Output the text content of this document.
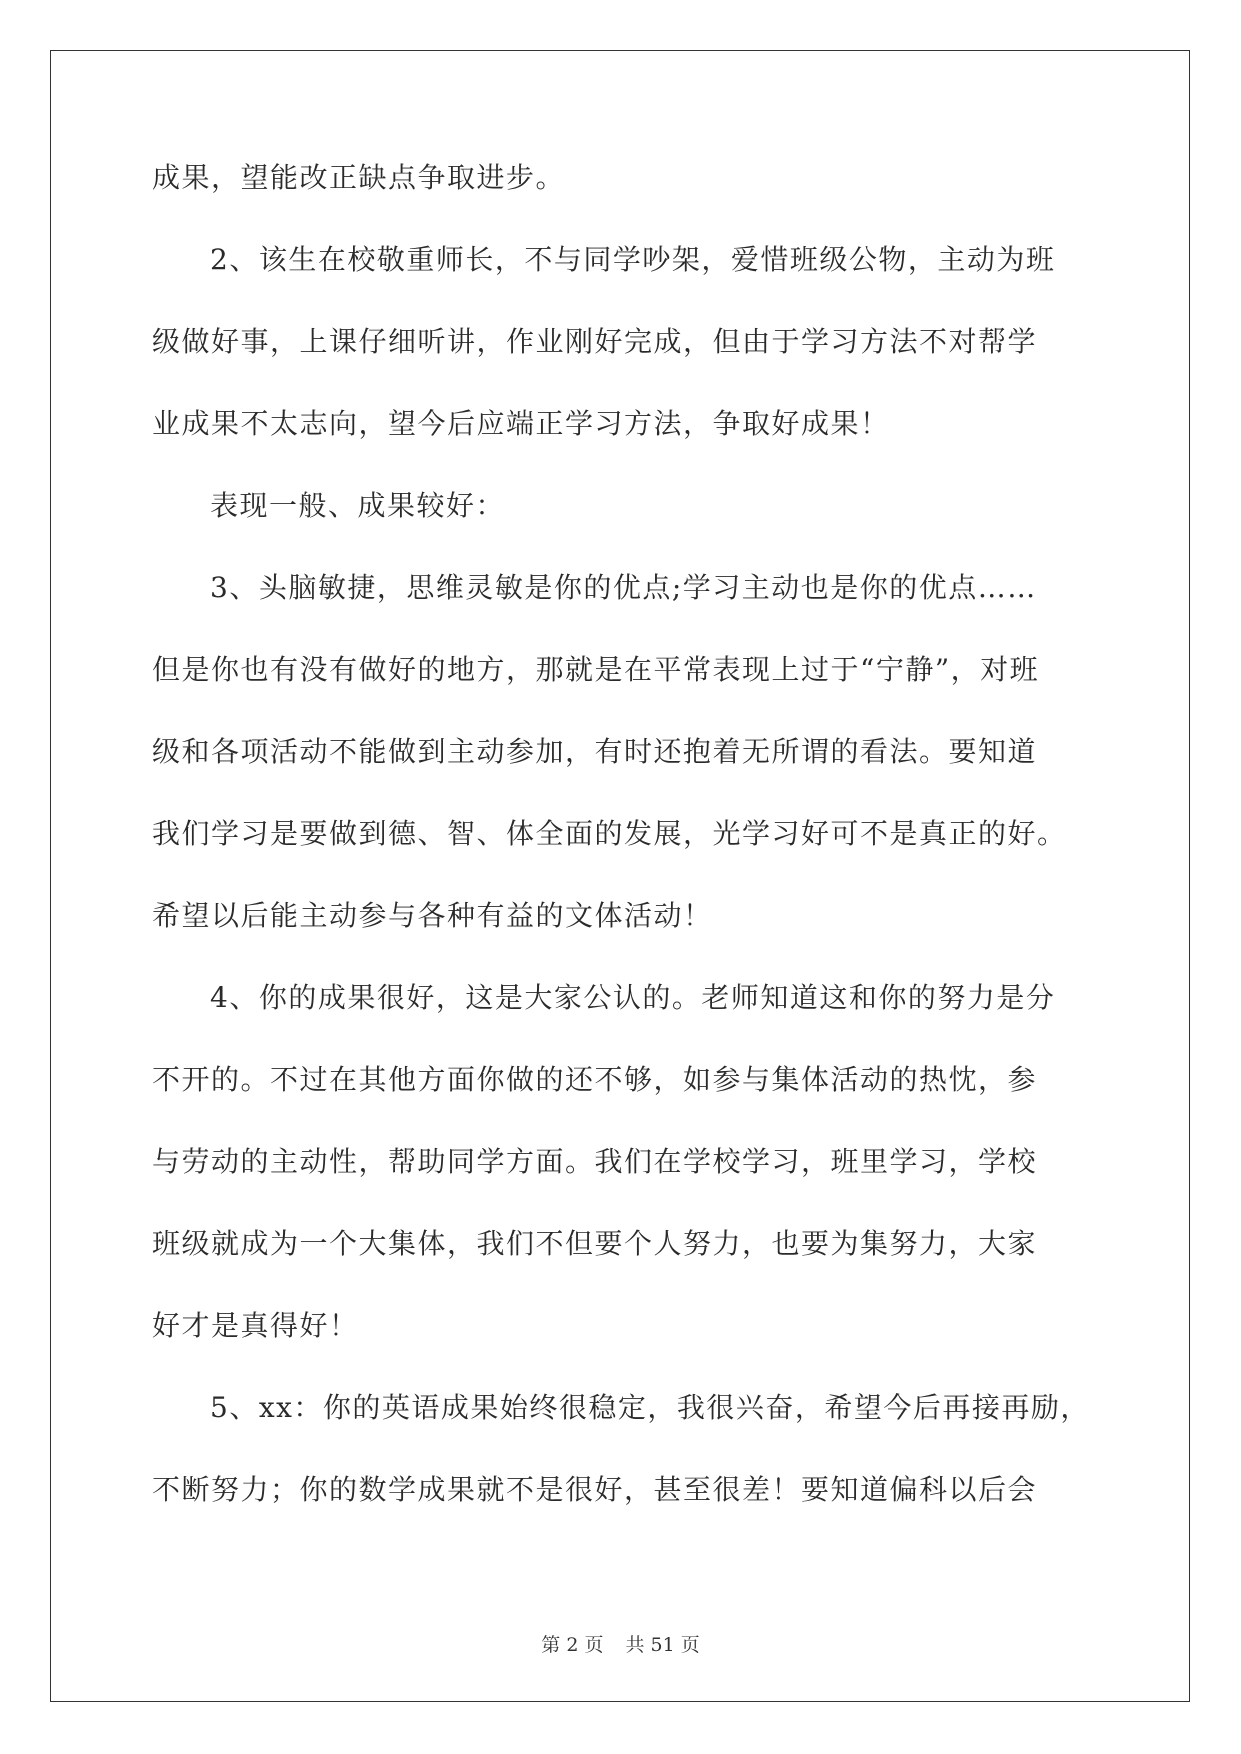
成果，望能改正缺点争取进步。
2、该生在校敬重师长，不与同学吵架，爱惜班级公物，主动为班
级做好事，上课仔细听讲，作业刚好完成，但由于学习方法不对帮学
业成果不太志向，望今后应端正学习方法，争取好成果！
表现一般、成果较好：
3、头脑敏捷，思维灵敏是你的优点;学习主动也是你的优点……
但是你也有没有做好的地方，那就是在平常表现上过于“宁静”，对班
级和各项活动不能做到主动参加，有时还抱着无所谓的看法。要知道
我们学习是要做到德、智、体全面的发展，光学习好可不是真正的好。
希望以后能主动参与各种有益的文体活动！
4、你的成果很好，这是大家公认的。老师知道这和你的努力是分
不开的。不过在其他方面你做的还不够，如参与集体活动的热忱，参
与劳动的主动性，帮助同学方面。我们在学校学习，班里学习，学校
班级就成为一个大集体，我们不但要个人努力，也要为集努力，大家
好才是真得好！
5、xx：你的英语成果始终很稳定，我很兴奋，希望今后再接再励，
不断努力；你的数学成果就不是很好，甚至很差！要知道偏科以后会
第 2 页 共 51 页
